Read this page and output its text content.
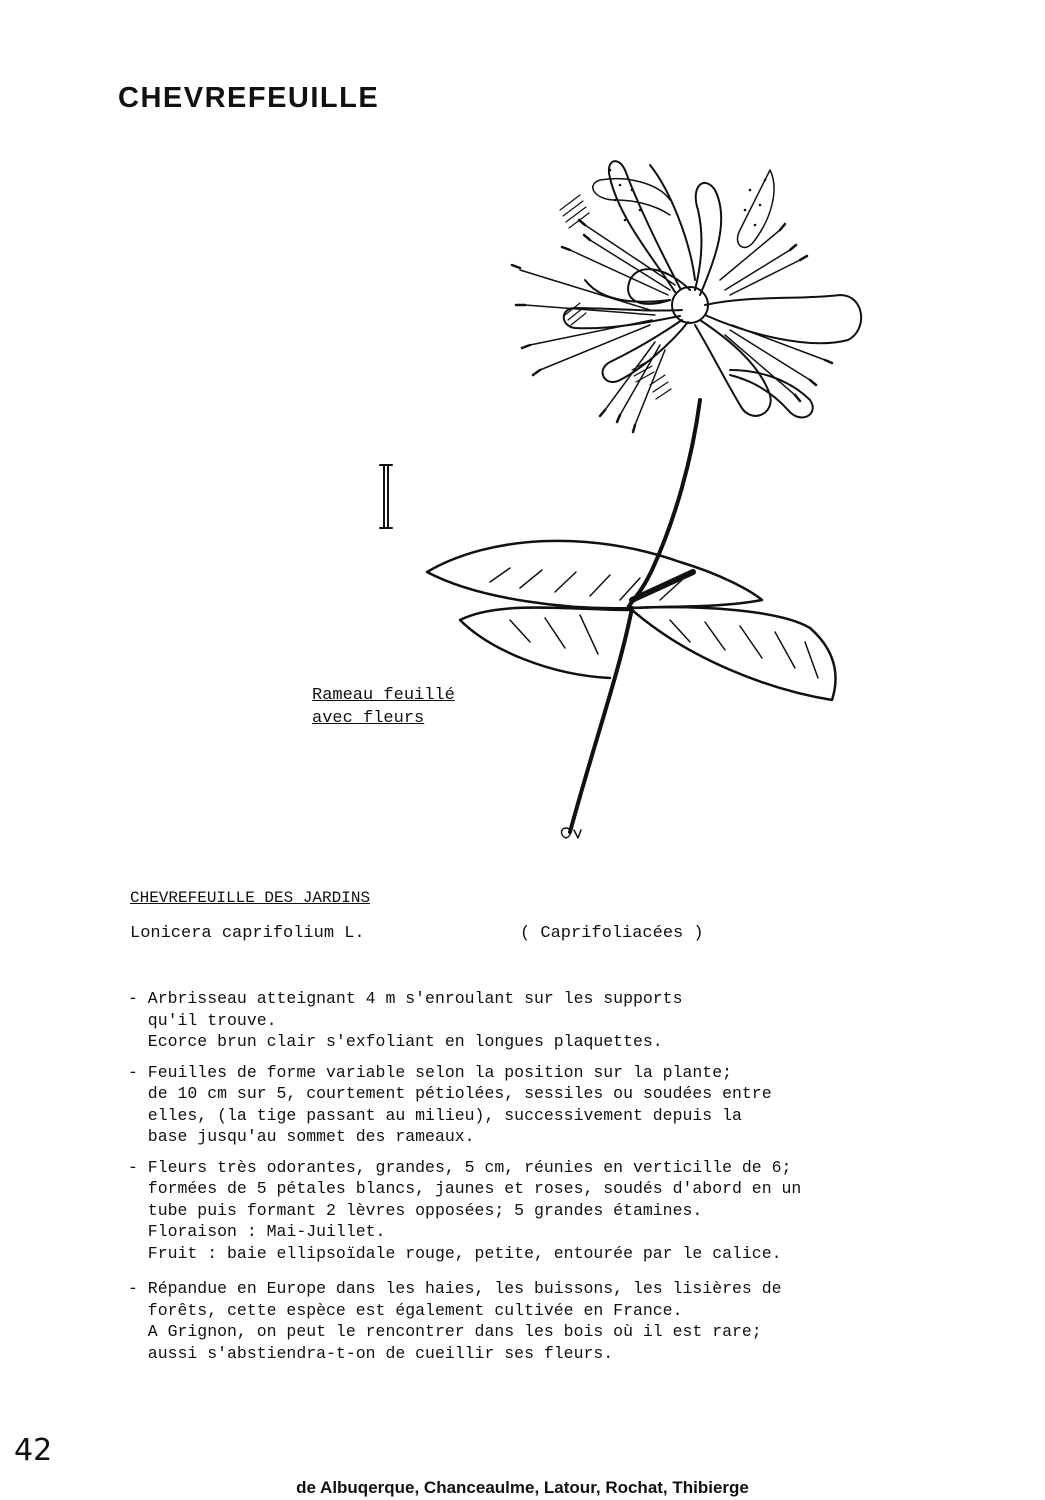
CHEVREFEUILLE
Rameau feuillé
avec fleurs
CHEVREFEUILLE DES JARDINS
Lonicera caprifolium L.	( Caprifoliacées )
- Arbrisseau atteignant 4 m s'enroulant sur les supports
qu'il trouve.
Ecorce brun clair s'exfoliant en longues plaquettes.
- Feuilles de forme variable selon la position sur la plante;
de 10 cm sur 5, courtement pétiolées, sessiles ou soudées entre
elles, (la tige passant au milieu), successivement depuis la
base jusqu'au sommet des rameaux.
- Fleurs très odorantes, grandes, 5 cm, réunies en verticille de 6;
formées de 5 pétales blancs, jaunes et roses, soudés d'abord en un
tube puis formant 2 lèvres opposées; 5 grandes étamines.
Floraison : Mai-Juillet.
Fruit : baie ellipsoïdale rouge, petite, entourée par le calice.
- Répandue en Europe dans les haies, les buissons, les lisières de
forêts, cette espèce est également cultivée en France.
A Grignon, on peut le rencontrer dans les bois où il est rare;
aussi s'abstiendra-t-on de cueillir ses fleurs.
42
de Albuqerque, Chanceaulme, Latour, Rochat, Thibierge
